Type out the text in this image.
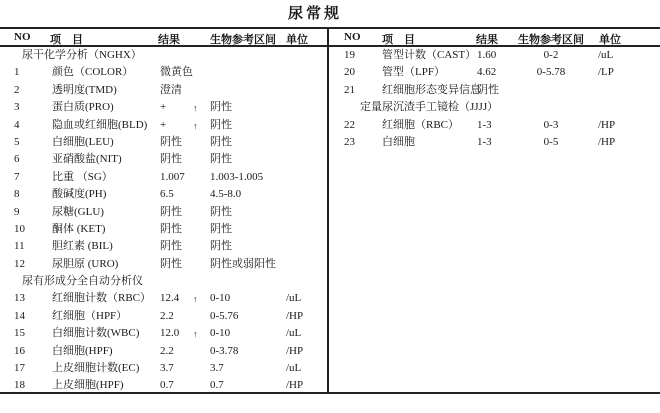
尿常规
NO 项　目	结果	生物参考区间 单位	NO 项　目	结果 生物参考区间 单位
尿干化学分析（NGHX）
1	颜色（COLOR） 微黄色
2	透明度(TMD)	澄清
3	蛋白质(PRO)	+	↑ 阴性
4	隐血或红细胞(BLD) +	↑ 阴性
5	白细胞(LEU)	阴性	阴性
6	亚硝酸盐(NIT)	阴性	阴性
7	比重 （SG）	1.007 1.003-1.005
8	酸碱度(PH)	6.5	4.5-8.0
9	尿糖(GLU)	阴性	阴性
10 酮体 (KET)	阴性	阴性
11 胆红素 (BIL)	阴性	阴性
12 尿胆原 (URO)	阴性	阴性或弱阳性
尿有形成分全自动分析仪
13 红细胞计数（RBC） 12.4 ↑ 0-10	/uL
14 红细胞（HPF）	2.2	0-5.76	/HP
15 白细胞计数(WBC) 12.0 ↑ 0-10	/uL
16 白细胞(HPF)	2.2	0-3.78	/HP
17 上皮细胞计数(EC) 3.7	3.7	/uL
18 上皮细胞(HPF)	0.7	0.7	/HP
19 管型计数（CAST） 1.60	0-2	/uL
20 管型（LPF）	4.62	0-5.78	/LP
21 红细胞形态变异信息
阴性
定量尿沉渣手工镜检（JJJJ）
22 红细胞（RBC） 1-3	0-3	/HP
23 白细胞	1-3	0-5	/HP
